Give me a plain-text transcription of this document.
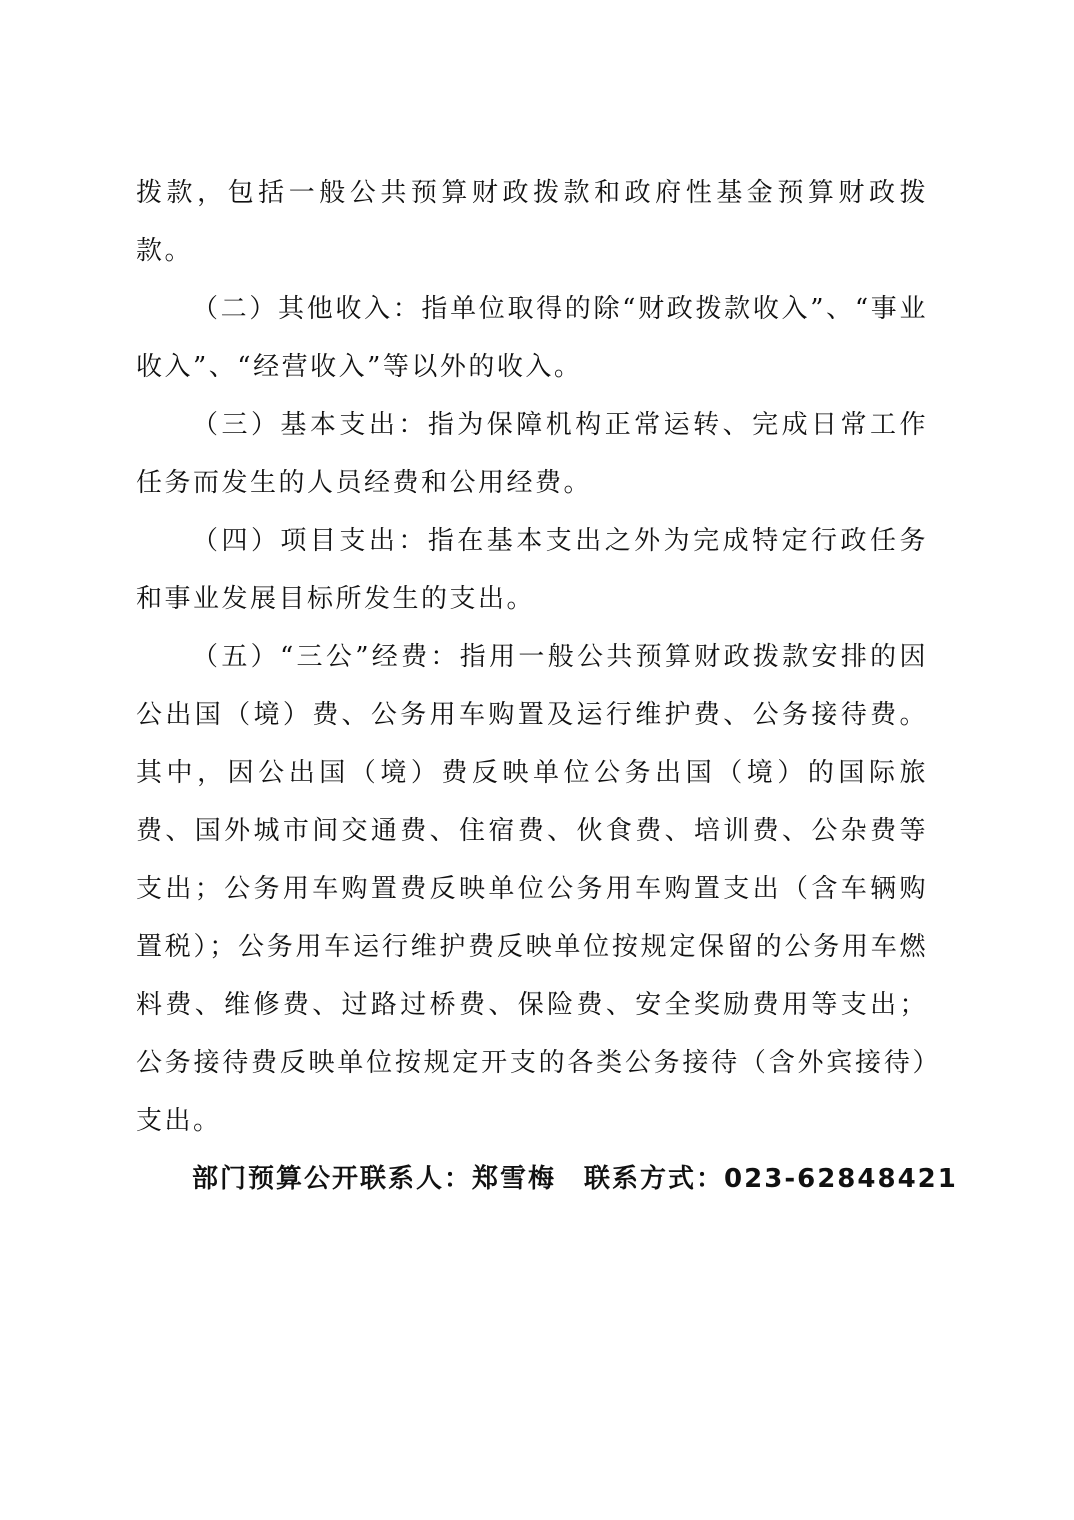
拨款，包括一般公共预算财政拨款和政府性基金预算财政拨款。

（二）其他收入：指单位取得的除“财政拨款收入”、“事业收入”、“经营收入”等以外的收入。

（三）基本支出：指为保障机构正常运转、完成日常工作任务而发生的人员经费和公用经费。

（四）项目支出：指在基本支出之外为完成特定行政任务和事业发展目标所发生的支出。

（五）“三公”经费：指用一般公共预算财政拨款安排的因公出国（境）费、公务用车购置及运行维护费、公务接待费。其中，因公出国（境）费反映单位公务出国（境）的国际旅费、国外城市间交通费、住宿费、伙食费、培训费、公杂费等支出；公务用车购置费反映单位公务用车购置支出（含车辆购置税）；公务用车运行维护费反映单位按规定保留的公务用车燃料费、维修费、过路过桥费、保险费、安全奖励费用等支出；公务接待费反映单位按规定开支的各类公务接待（含外宾接待）支出。

部门预算公开联系人：郑雪梅 联系方式：023-62848421
